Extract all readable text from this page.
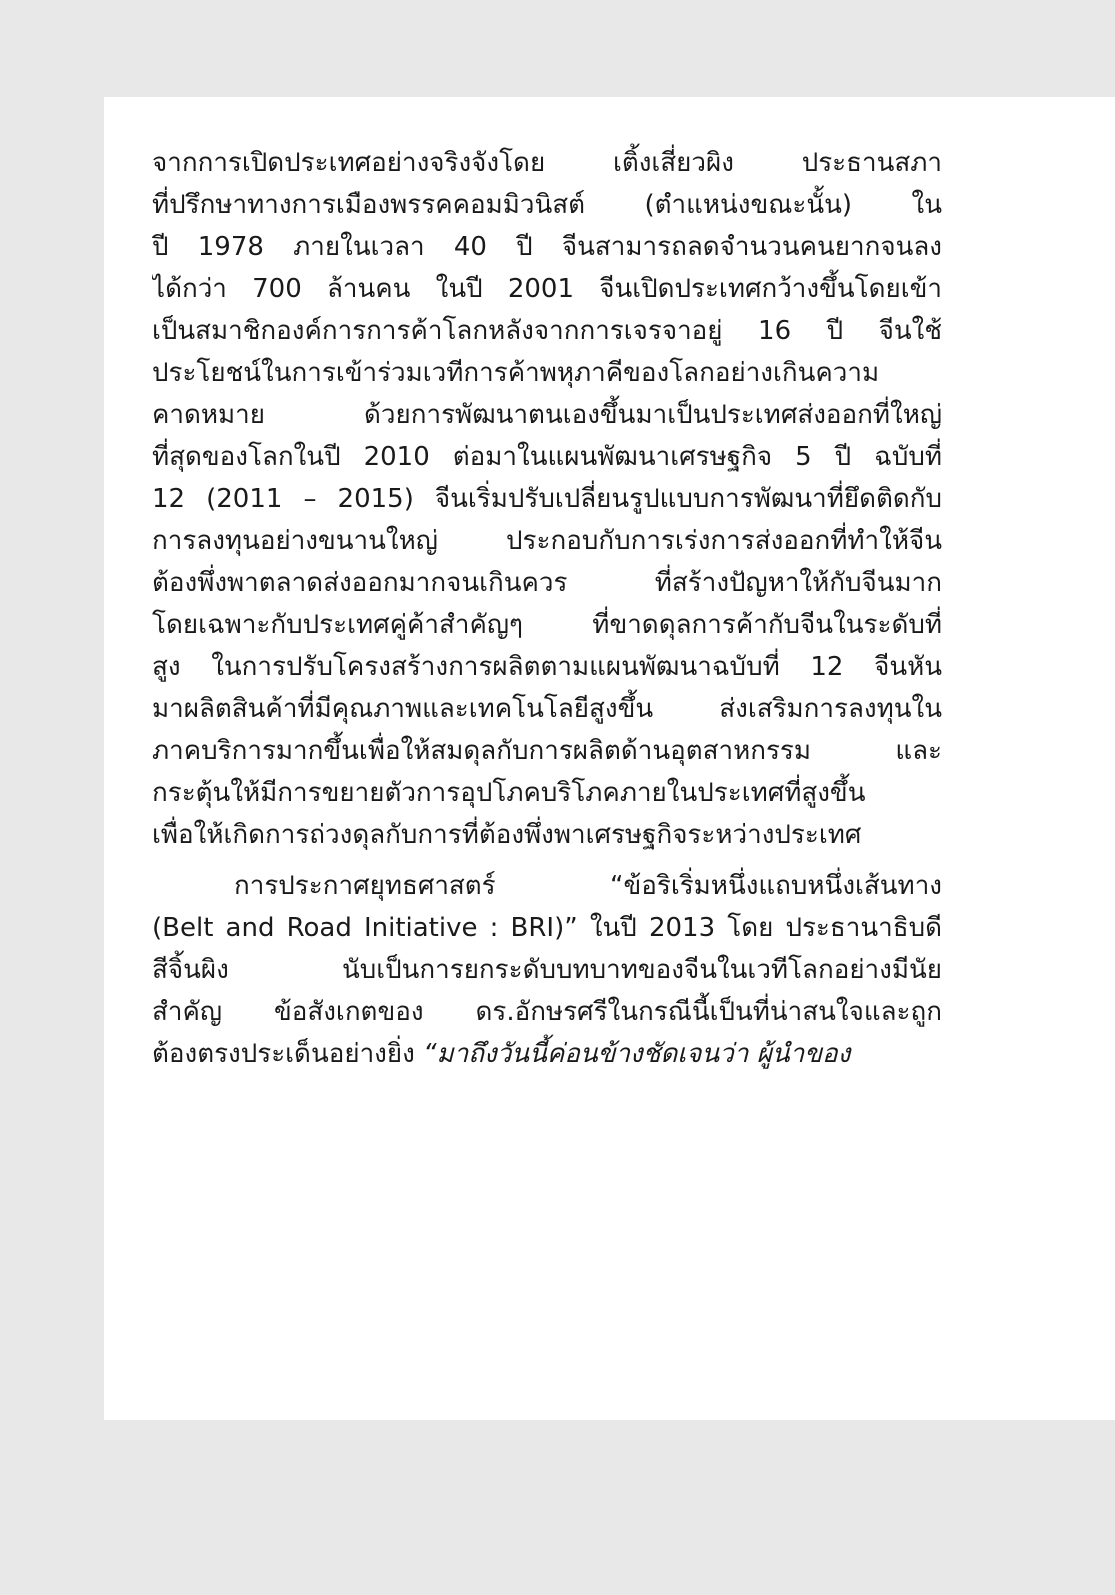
จากการเปิดประเทศอย่างจริงจังโดย เติ้งเสี่ยวผิง ประธานสภา
ที่ปรึกษาทางการเมืองพรรคคอมมิวนิสต์ (ตำแหน่งขณะนั้น) ใน
ปี 1978 ภายในเวลา 40 ปี จีนสามารถลดจำนวนคนยากจนลง
ได้กว่า 700 ล้านคน ในปี 2001 จีนเปิดประเทศกว้างขึ้นโดยเข้า
เป็นสมาชิกองค์การการค้าโลกหลังจากการเจรจาอยู่ 16 ปี จีนใช้
ประโยชน์ในการเข้าร่วมเวทีการค้าพหุภาคีของโลกอย่างเกินความ
คาดหมาย ด้วยการพัฒนาตนเองขึ้นมาเป็นประเทศส่งออกที่ใหญ่
ที่สุดของโลกในปี 2010 ต่อมาในแผนพัฒนาเศรษฐกิจ 5 ปี ฉบับที่
12 (2011 – 2015) จีนเริ่มปรับเปลี่ยนรูปแบบการพัฒนาที่ยึดติดกับ
การลงทุนอย่างขนานใหญ่ ประกอบกับการเร่งการส่งออกที่ทำให้จีน
ต้องพึ่งพาตลาดส่งออกมากจนเกินควร ที่สร้างปัญหาให้กับจีนมาก
โดยเฉพาะกับประเทศคู่ค้าสำคัญๆ ที่ขาดดุลการค้ากับจีนในระดับที่
สูง ในการปรับโครงสร้างการผลิตตามแผนพัฒนาฉบับที่ 12 จีนหัน
มาผลิตสินค้าที่มีคุณภาพและเทคโนโลยีสูงขึ้น ส่งเสริมการลงทุนใน
ภาคบริการมากขึ้นเพื่อให้สมดุลกับการผลิตด้านอุตสาหกรรม และ
กระตุ้นให้มีการขยายตัวการอุปโภคบริโภคภายในประเทศที่สูงขึ้น
เพื่อให้เกิดการถ่วงดุลกับการที่ต้องพึ่งพาเศรษฐกิจระหว่างประเทศ
การประกาศยุทธศาสตร์ “ข้อริเริ่มหนึ่งแถบหนึ่งเส้นทาง
(Belt and Road Initiative : BRI)” ในปี 2013 โดย ประธานาธิบดี
สีจิ้นผิง นับเป็นการยกระดับบทบาทของจีนในเวทีโลกอย่างมีนัย
สำคัญ ข้อสังเกตของ ดร.อักษรศรีในกรณีนี้เป็นที่น่าสนใจและถูก
ต้องตรงประเด็นอย่างยิ่ง “มาถึงวันนี้ค่อนข้างชัดเจนว่า ผู้นำของ
